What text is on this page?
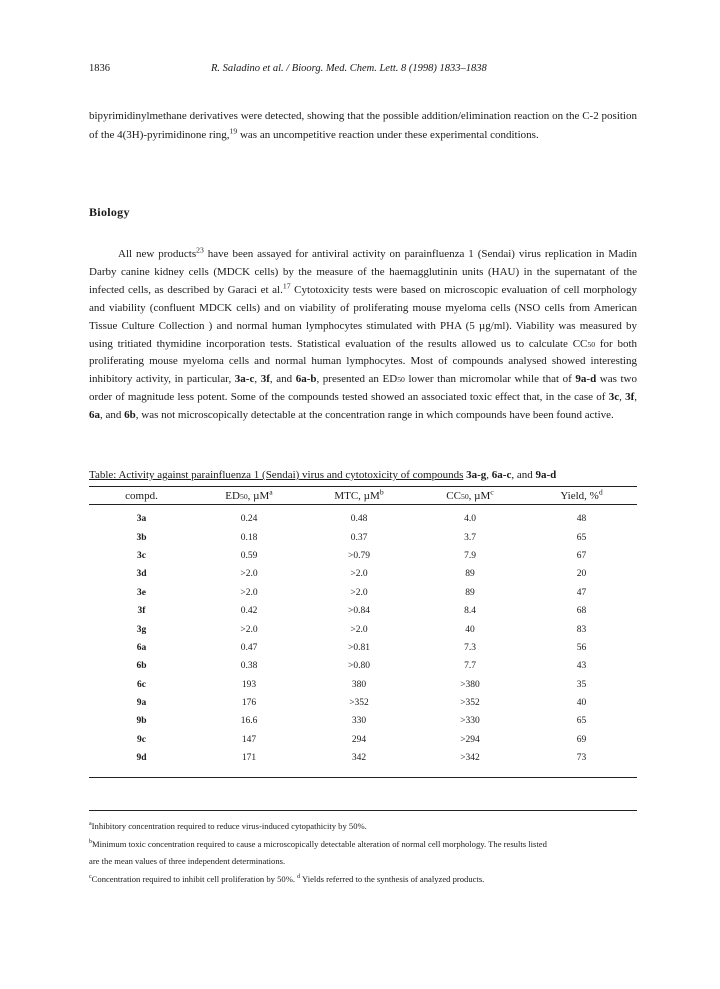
1836	R. Saladino et al. / Bioorg. Med. Chem. Lett. 8 (1998) 1833–1838

bipyrimidinylmethane derivatives were detected, showing that the possible addition/elimination reaction on the C-2 position of the 4(3H)-pyrimidinone ring,$^{19}$ was an uncompetitive reaction under these experimental conditions.

Biology

All new products$^{23}$ have been assayed for antiviral activity on parainfluenza 1 (Sendai) virus replication in Madin Darby canine kidney cells (MDCK cells) by the measure of the haemagglutinin units (HAU) in the supernatant of the infected cells, as described by Garaci et al.$^{17}$ Cytotoxicity tests were based on microscopic evaluation of cell morphology and viability (confluent MDCK cells) and on viability of proliferating mouse myeloma cells (NSO cells from American Tissue Culture Collection ) and normal human lymphocytes stimulated with PHA (5 µg/ml). Viability was measured by using tritiated thymidine incorporation tests. Statistical evaluation of the results allowed us to calculate CC50 for both proliferating mouse myeloma cells and normal human lymphocytes. Most of compounds analysed showed interesting inhibitory activity, in particular, 3a-c, 3f, and 6a-b, presented an ED50 lower than micromolar while that of 9a-d was two order of magnitude less potent. Some of the compounds tested showed an associated toxic effect that, in the case of 3c, 3f, 6a, and 6b, was not microscopically detectable at the concentration range in which compounds have been found active.

Table: Activity against parainfluenza 1 (Sendai) virus and cytotoxicity of compounds 3a-g, 6a-c, and 9a-d

compd.	ED50, µM$^a$	MTC, µM$^b$	CC50, µM$^c$	Yield, %$^d$
3a	0.24	0.48	4.0	48
3b	0.18	0.37	3.7	65
3c	0.59	>0.79	7.9	67
3d	>2.0	>2.0	89	20
3e	>2.0	>2.0	89	47
3f	0.42	>0.84	8.4	68
3g	>2.0	>2.0	40	83
6a	0.47	>0.81	7.3	56
6b	0.38	>0.80	7.7	43
6c	193	380	>380	35
9a	176	>352	>352	40
9b	16.6	330	>330	65
9c	147	294	>294	69
9d	171	342	>342	73
$^a$Inhibitory concentration required to reduce virus-induced cytopathicity by 50%.
$^b$Minimum toxic concentration required to cause a microscopically detectable alteration of normal cell morphology. The results listed
are the mean values of three independent determinations.
$^c$Concentration required to inhibit cell proliferation by 50%. $^d$ Yields referred to the synthesis of analyzed products.
